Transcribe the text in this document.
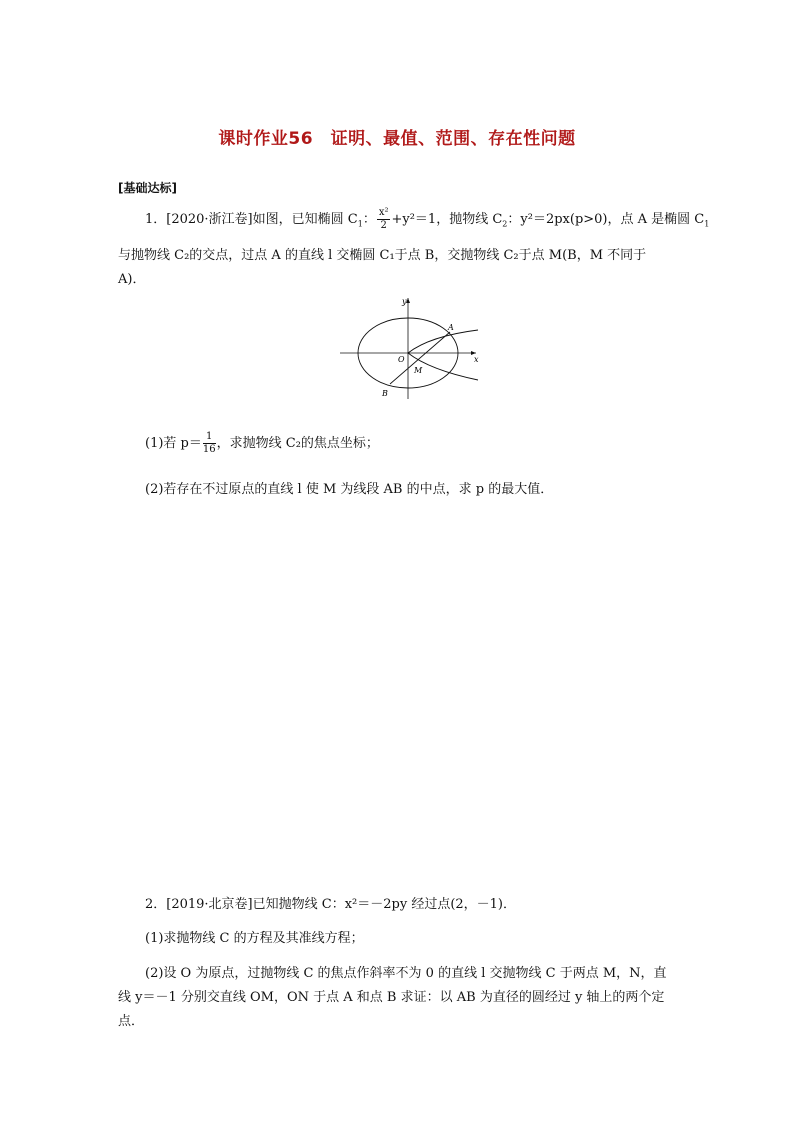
课时作业56　证明、最值、范围、存在性问题
[基础达标]
1．[2020·浙江卷]如图，已知椭圆 $C_1$： $\frac{\text{x²}}{2} +y^2=1$，抛物线 $C_2$：y²＝2px(p>0)，点 A 是椭圆 $C_1$
与抛物线 C₂的交点，过点 A 的直线 l 交椭圆 C₁于点 B，交抛物线 C₂于点 M(B，M 不同于
A)．
y
x
A
O
M
B
(1)若 $p= \frac{1}{16}$ ，求抛物线 C₂的焦点坐标；
(2)若存在不过原点的直线 l 使 M 为线段 AB 的中点，求 p 的最大值．
2．[2019·北京卷]已知抛物线 C：x²＝－2py 经过点(2，－1)．
(1)求抛物线 C 的方程及其准线方程；
(2)设 O 为原点，过抛物线 C 的焦点作斜率不为 0 的直线 l 交抛物线 C 于两点 M，N，直
线 y＝－1 分别交直线 OM，ON 于点 A 和点 B 求证：以 AB 为直径的圆经过 y 轴上的两个定
点．
